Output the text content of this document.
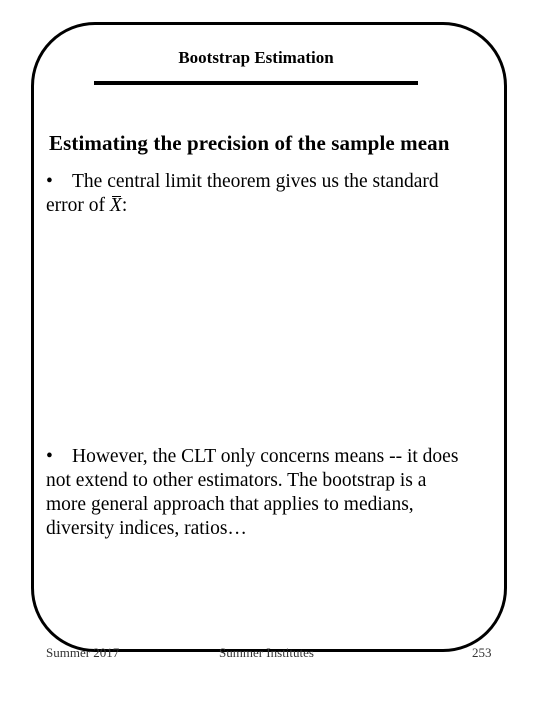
Bootstrap Estimation
Estimating the precision of the sample mean
• The central limit theorem gives us the standard
error of X:
• However, the CLT only concerns means -- it does
not extend to other estimators. The bootstrap is a
more general approach that applies to medians,
diversity indices, ratios…
Summer 2017	Summer Institutes	253
